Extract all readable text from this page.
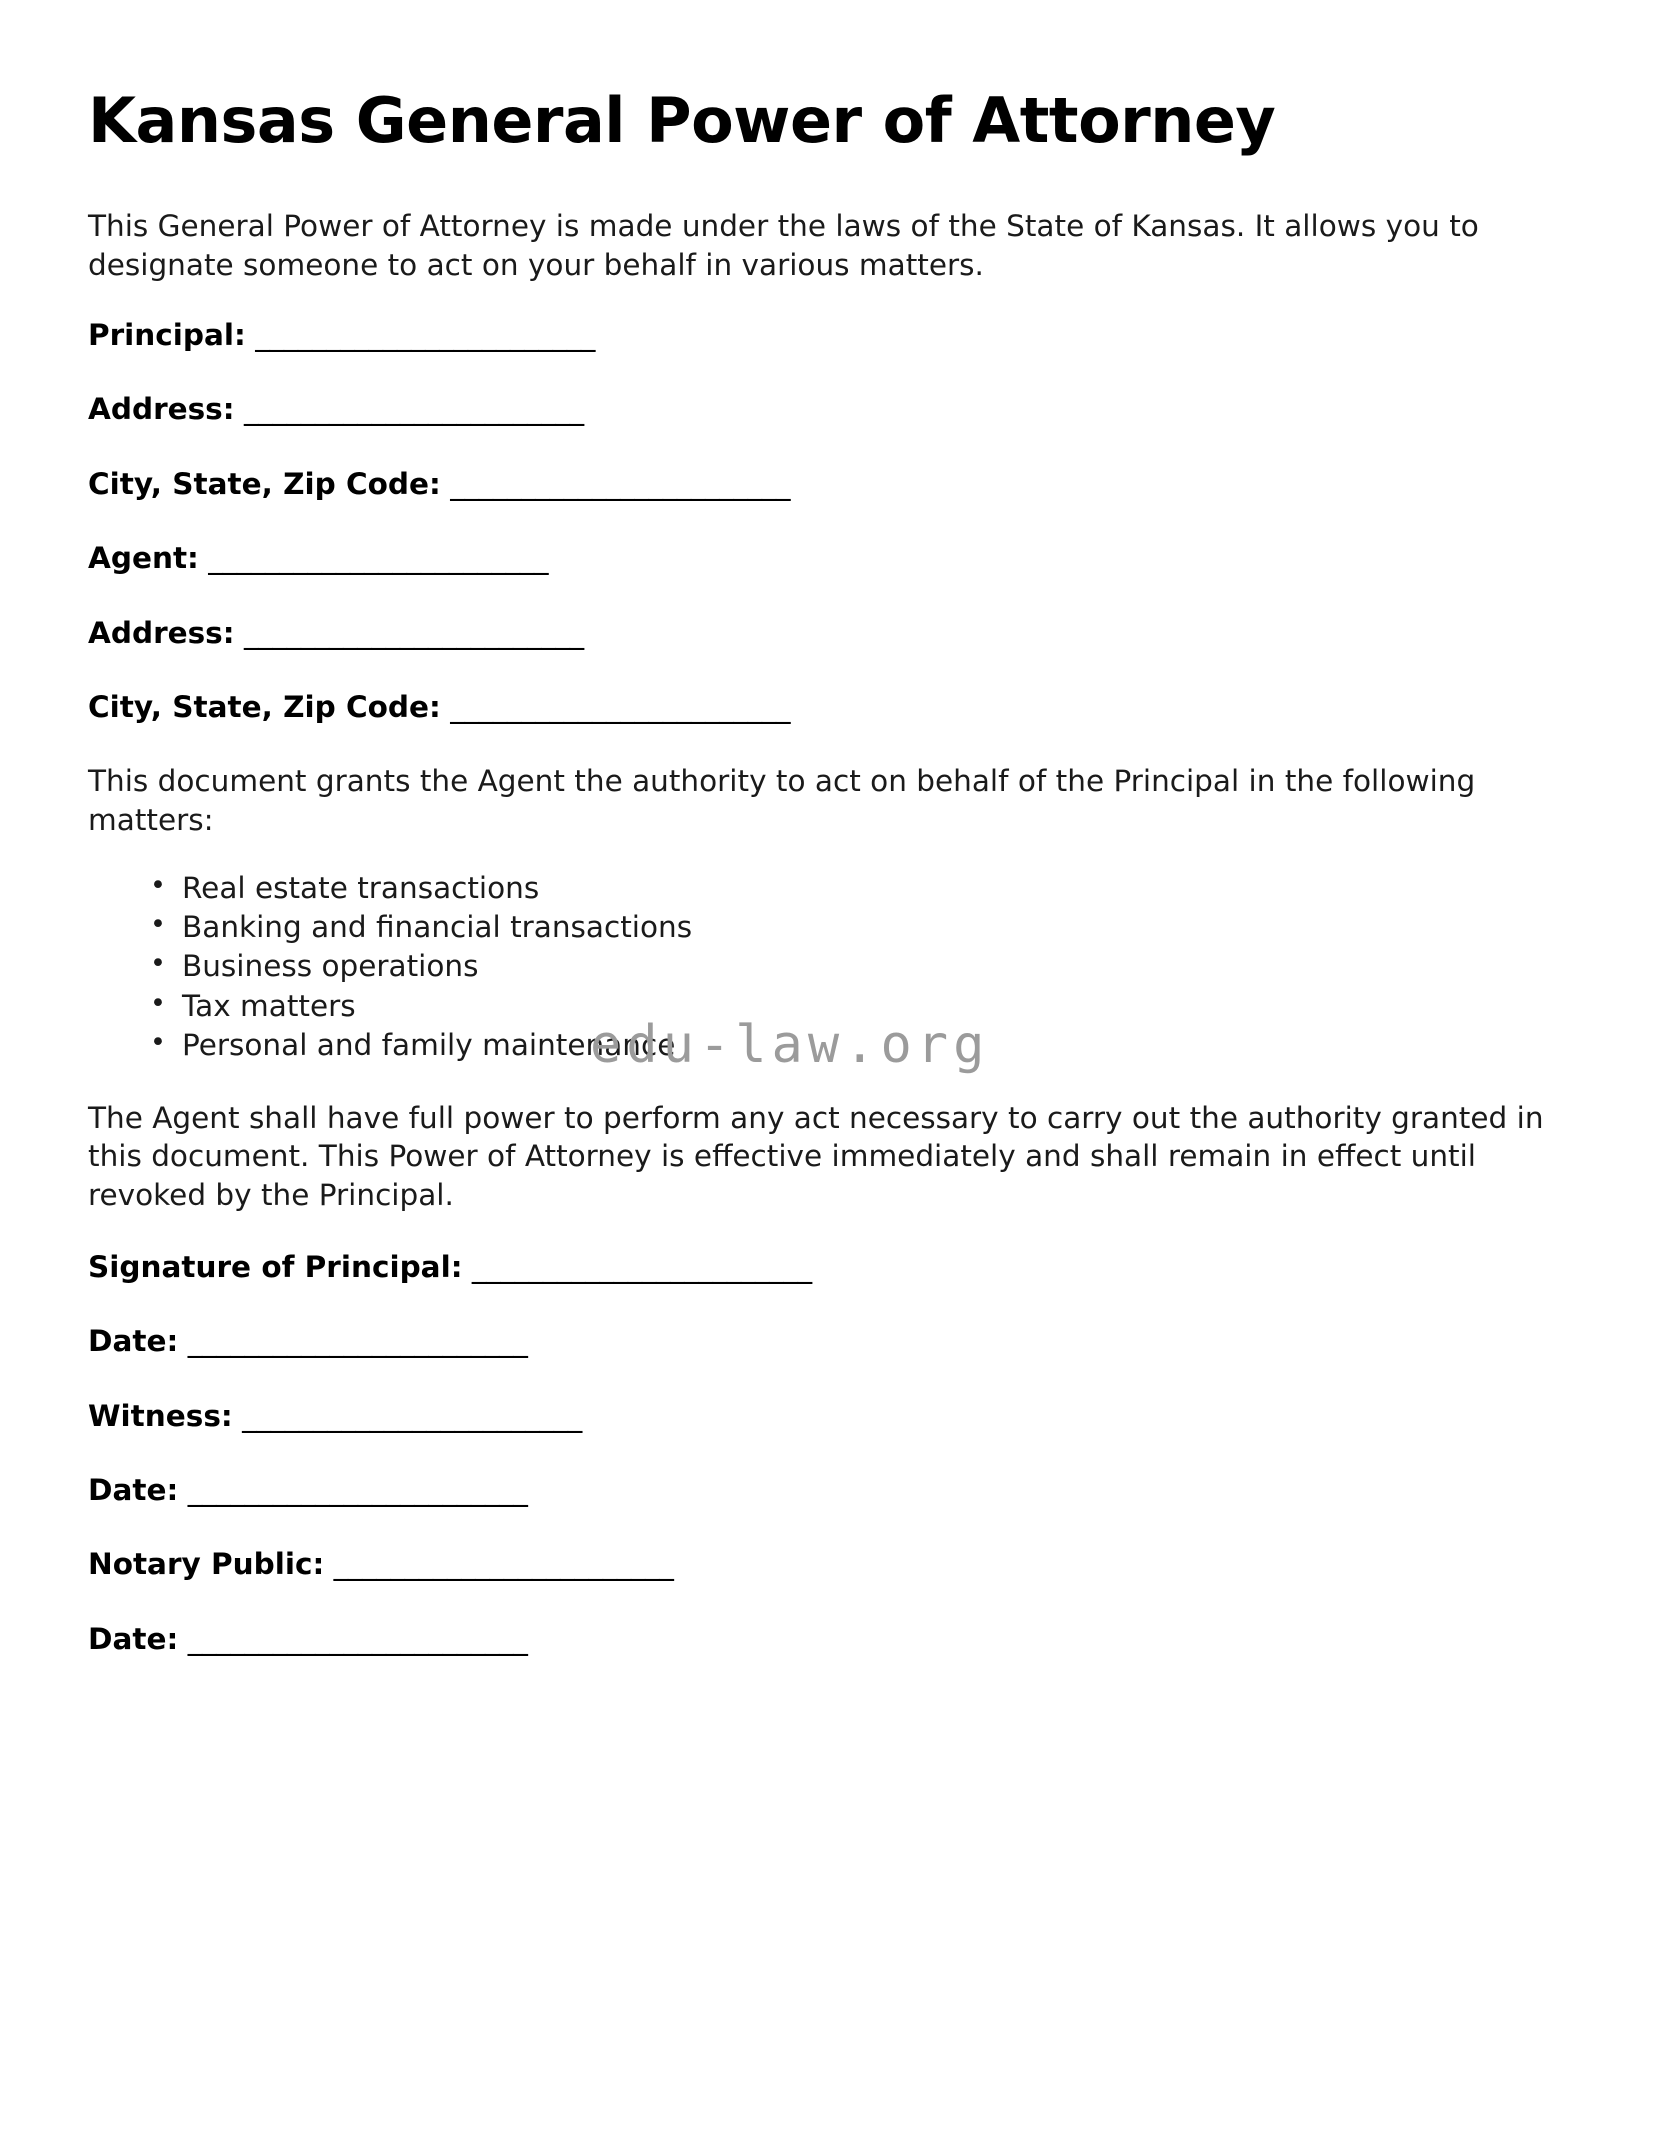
Kansas General Power of Attorney

This General Power of Attorney is made under the laws of the State of Kansas. It allows you to designate someone to act on your behalf in various matters.

Principal: ________________________
Address: ________________________
City, State, Zip Code: ________________________
Agent: ________________________
Address: ________________________
City, State, Zip Code: ________________________

This document grants the Agent the authority to act on behalf of the Principal in the following matters:

• Real estate transactions
• Banking and financial transactions
• Business operations
• Tax matters
• Personal and family maintenance

The Agent shall have full power to perform any act necessary to carry out the authority granted in this document. This Power of Attorney is effective immediately and shall remain in effect until revoked by the Principal.

Signature of Principal: ________________________
Date: ________________________
Witness: ________________________
Date: ________________________
Notary Public: ________________________
Date: ________________________
edu-law.org
